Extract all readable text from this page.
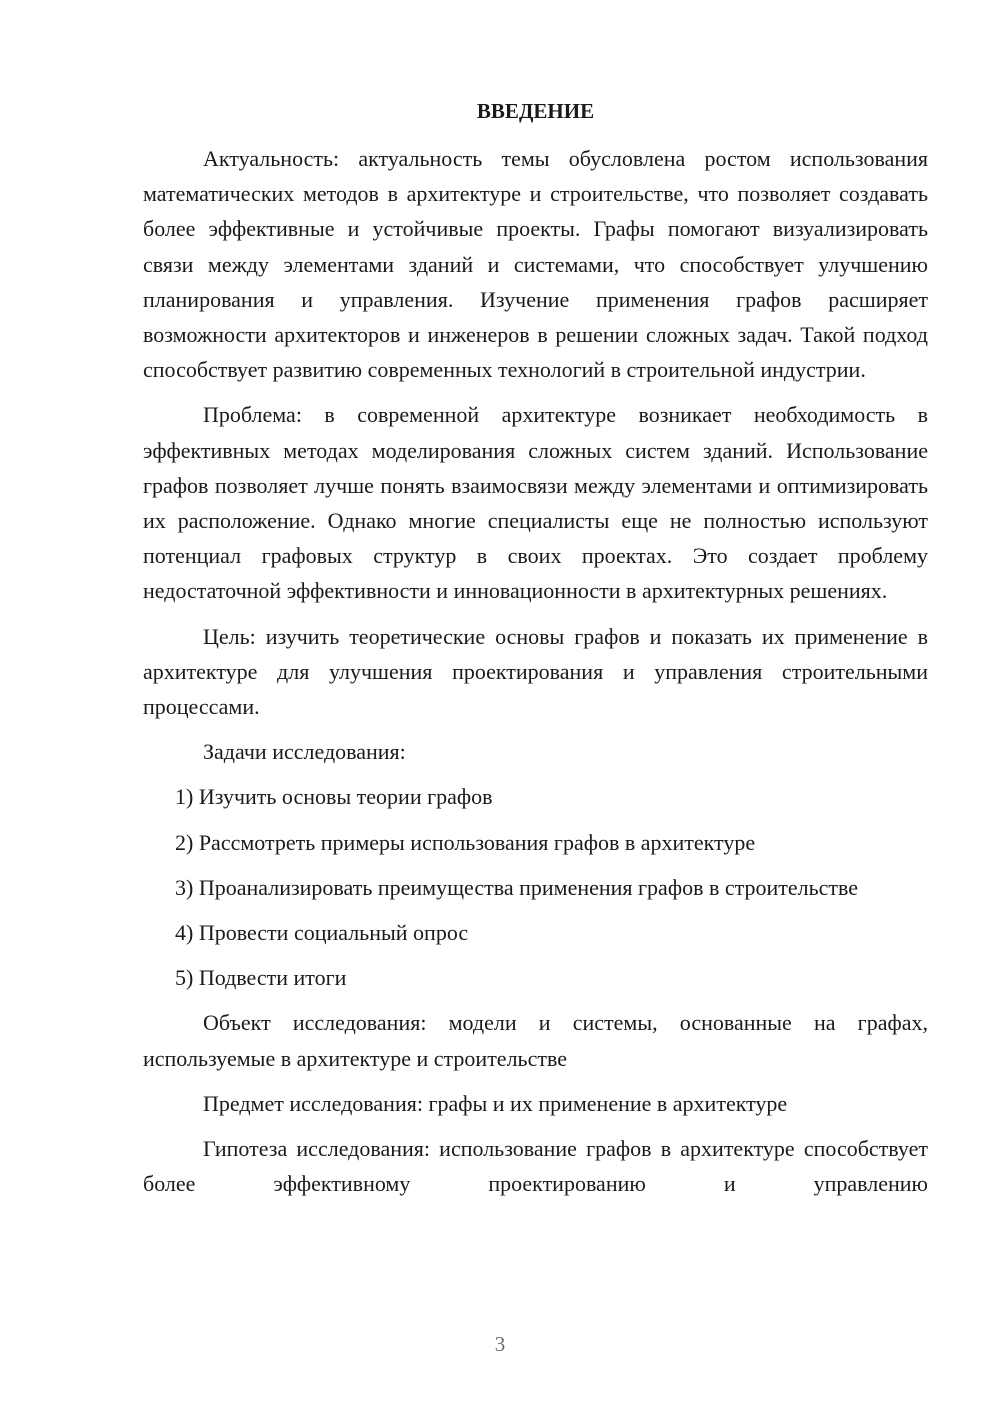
ВВЕДЕНИЕ
Актуальность: актуальность темы обусловлена ростом использования математических методов в архитектуре и строительстве, что позволяет создавать более эффективные и устойчивые проекты. Графы помогают визуализировать связи между элементами зданий и системами, что способствует улучшению планирования и управления. Изучение применения графов расширяет возможности архитекторов и инженеров в решении сложных задач. Такой подход способствует развитию современных технологий в строительной индустрии.
Проблема: в современной архитектуре возникает необходимость в эффективных методах моделирования сложных систем зданий. Использование графов позволяет лучше понять взаимосвязи между элементами и оптимизировать их расположение. Однако многие специалисты еще не полностью используют потенциал графовых структур в своих проектах. Это создает проблему недостаточной эффективности и инновационности в архитектурных решениях.
Цель: изучить теоретические основы графов и показать их применение в архитектуре для улучшения проектирования и управления строительными процессами.
Задачи исследования:
1) Изучить основы теории графов
2) Рассмотреть примеры использования графов в архитектуре
3) Проанализировать преимущества применения графов в строительстве
4) Провести социальный опрос
5) Подвести итоги
Объект исследования: модели и системы, основанные на графах, используемые в архитектуре и строительстве
Предмет исследования: графы и их применение в архитектуре
Гипотеза исследования: использование графов в архитектуре способствует более эффективному проектированию и управлению
3
